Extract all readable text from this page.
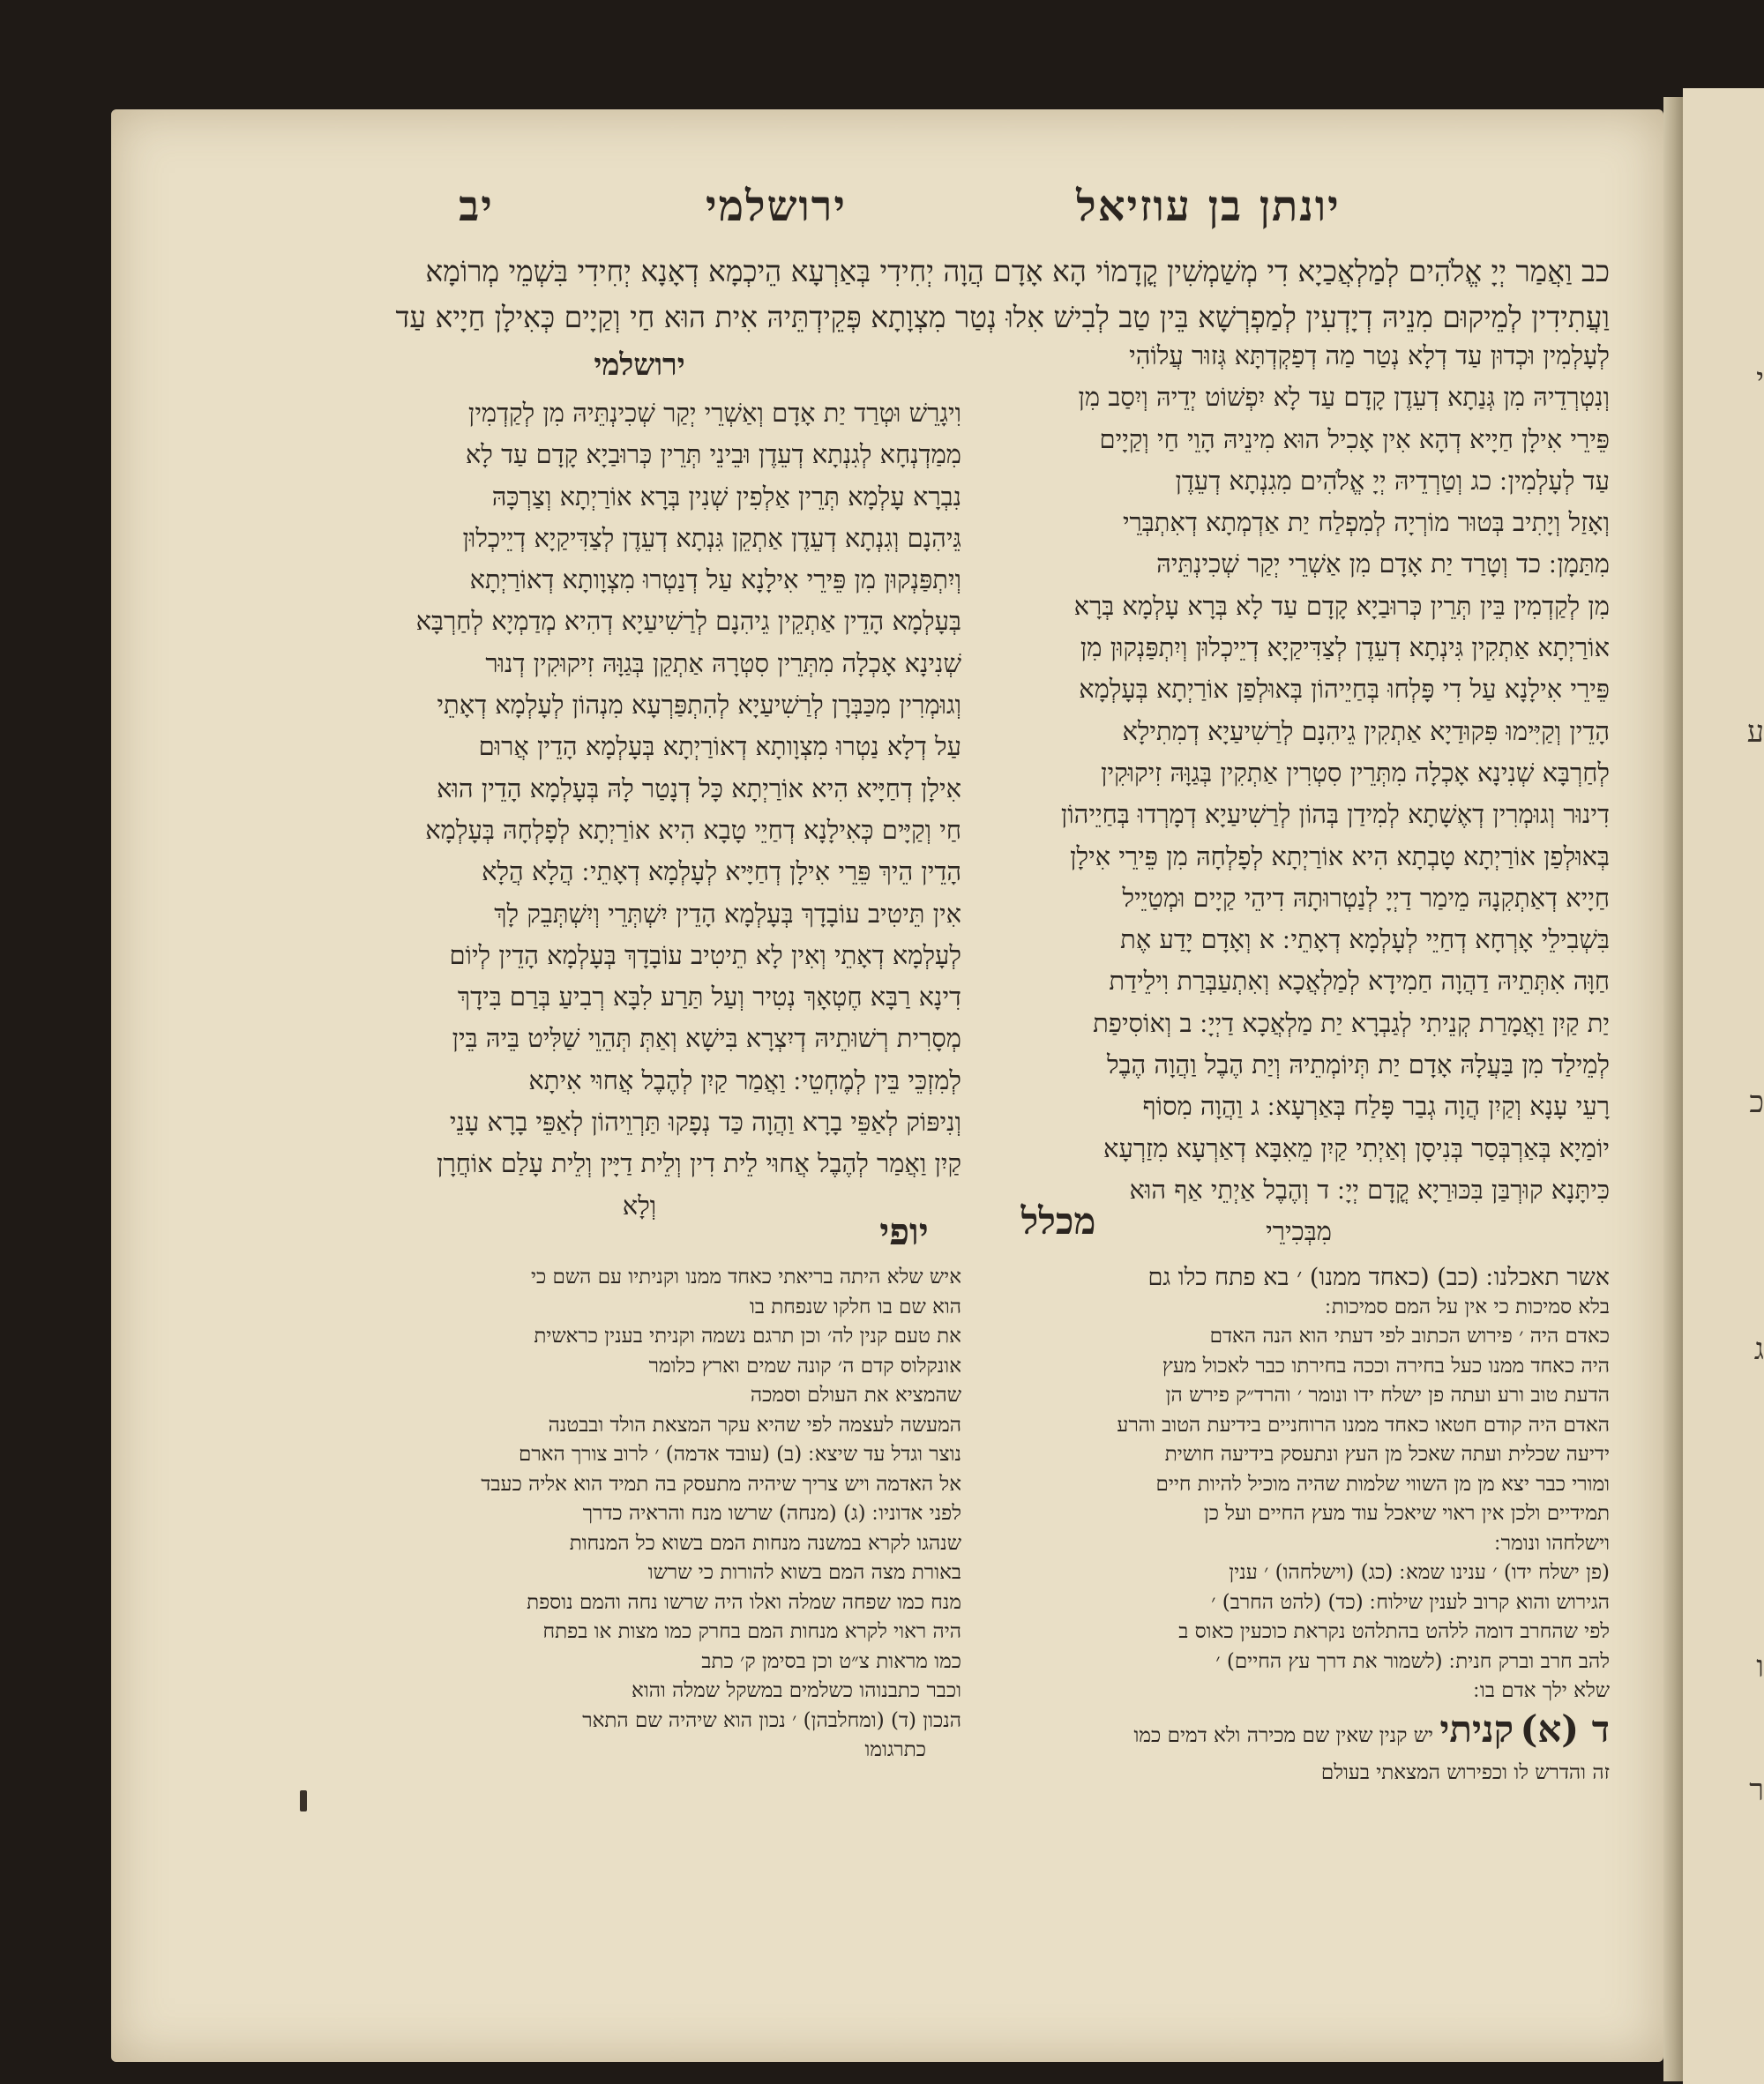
י
ע
כ
ג
ו
ר
יונתן בן עוזיאל
ירושלמי
יב
כב וַאֲמַר יְיָ אֱלֹהִים לְמַלְאֲכַיָא דִי מְשַׁמְשִׁין קֳדָמוֹי הָא אָדָם הֲוָה יְחִידִי בְּאַרְעָא הֵיכְמָא דְאָנָא יְחִידִי בִּשְׁמֵי מְרוֹמָא
וַעֲתִידִין לְמֵיקוּם מִנֵיהּ דְיָדְעִין לְמַפְרְשָׁא בֵּין טַב לְבִישׁ אִלוּ נְטַר מִצְוָתָא פְּקֵידְתֵּיהּ אִית הוּא חַי וְקַיָים כְּאִילָן חַיָיא עַד
לְעָלְמִין וּכְדוּן עַד דְלָא נְטַר מַה דְפַקְדְתָּא גְּזוּר עֲלוֹהִי
וְנִטְרְדֵיהּ מִן גְּנַתָא דְעֵדֶן קָדָם עַד לָא יִפְשׁוֹט יְדֵיהּ וְיִסַב מִן
פֵּירֵי אִילָן חַיָיא דְהָא אִין אָכִיל הוּא מִינֵיהּ הָוֵי חַי וְקַיָים
עַד לְעָלְמִין ׃ כג וְטַרְדֵיהּ יְיָ אֱלֹהִים מִגִנְתָא דְעֵדֶן
וְאָזַל וְיָתִיב בְּטוּר מוֹרְיָה לְמִפְלַח יַת אַדְמְתָא דְאִתְבְּרֵי
מִתַּמָן ׃ כד וְטָרַד יַת אָדָם מִן אַשְׁרֵי יְקַר שְׁכִינְתֵּיהּ
מִן לְקַדְמִין בֵּין תְּרֵין כְּרוּבַיָא קָדָם עַד לָא בְּרָא עָלְמָא בְּרָא
אוֹרַיְתָא אַתְקִין גִּינְתָא דְעֵדֶן לְצַדִּיקַיָא דְיֵיכְלוּן וְיִתְפַּנְקוּן מִן
פֵּירֵי אִילָנָא עַל דִי פָּלְחוּ בְּחַיֵיהוֹן בְּאוּלְפַן אוֹרַיְתָא בְּעָלְמָא
הָדֵין וְקַיִּימוּ פִּקוּדַיָא אַתְקִין גֵיהִנָם לְרַשִׁיעַיָא דְמִתִילָא
לְחַרְבָּא שְׁנִינָא אָכְלָה מִתְּרֵין סִטְרִין אַתְקִין בְּגַוָּהּ זִיקוּקִין
דִינוּר וְגוּמְרִין דְאֶשָׁתָא לְמִידַן בְּהוֹן לְרַשִׁיעַיָא דְמָרְדוּ בְּחַיֵיהוֹן
בְּאוּלְפַן אוֹרַיְתָא טָבְתָא הִיא אוֹרַיְתָא לְפָלְחָהּ מִן פֵּירֵי אִילָן
חַיָיא דְאַתְקִנָהּ מֵימַר דַיְיָ לְנַטְרוּתָהּ דִיהֵי קַיָים וּמְטַיֵיל
בִּשְׁבִילֵי אָרְחָא דְחַיֵי לְעָלְמָא דְאָתֵי ׃ א וְאָדָם יָדַע אֶת
חַוָּה אִתְּתֵיהּ דַהֲוָה חַמִידָא לְמַלְאֲכָא וְאִתְעַבְּרַת וִילֵידַת
יַת קַיִן וַאֲמָרַת קְנֵיתִי לְגַבְרָא יַת מַלְאֲכָא דַיְיָ ׃ ב וְאוֹסִיפַת
לְמֵילַד מִן בַּעֲלָהּ אָדָם יַת תְּיוֹמְתֵיהּ וְיַת הֶבֶל וַהֲוָה הֶבֶל
רָעֵי עָנָא וְקַיִן הֲוָה גְבַר פָּלַח בְּאַרְעָא ׃ ג וַהֲוָה מִסוֹף
יוֹמַיָא בְּאַרְבְּסַר בְּנִיסָן וְאַיְתִי קַיִן מֵאִבָּא דְאַרְעָא מִזַרְעָא
כִּיתָּנָא קוּרְבַּן בִּכּוּרַיָא קֳדָם יְיָ ׃ ד וְהֶבֶל אַיְתֵי אַף הוּא
מִבְּכִירֵי
ירושלמי
וִיגָרֵשׁ וּטְרַד יַת אָדָם וְאַשְׁרֵי יְקַר שְׁכִינְתֵּיהּ מִן לְקַדְמִין
מִמַדְנְחָא לְגִנְתָא דְעֵדֶן וּבֵינֵי תְּרֵין כְּרוּבַיָא קָדָם עַד לָא
נִבְרָא עָלְמָא תְּרֵין אַלְפִין שְׁנִין בְּרָא אוֹרַיְתָא וְצַרְכָּהּ
גֵּיהִנָם וְגִנְתָא דְעֵדֶן אַתְקֵן גִּנְתָא דְעֵדֶן לְצַדִּיקַיָא דְיֵיכְלוּן
וְיִתְפַּנְקוּן מִן פֵּירֵי אִילָנָא עַל דְנַטְרוּ מִצְוָותָא דְאוֹרַיְתָא
בְּעָלְמָא הָדֵין אַתְקֵין גֵיהִנָם לְרַשִׁיעַיָא דְהִיא מְדַמְיָא לְחַרְבָּא
שְׁנִינָא אָכְלָה מִתְּרֵין סִטְרָהּ אַתְקֵן בְּגַוָּהּ זִיקוּקִין דְנוּר
וְגוּמְרִין מִכַּבְּרָן לְרַשִׁיעַיָא לְהִתְפַּרְעָא מִנְהוֹן לְעָלְמָא דְאָתֵי
עַל דְלָא נַטְרוּ מִצְוָותָא דְאוֹרַיְתָא בְּעָלְמָא הָדֵין אֲרוּם
אִילָן דְחַיָּיא הִיא אוֹרַיְתָא כָּל דְנָטַר לָהּ בְּעָלְמָא הָדֵין הוּא
חַי וְקַיָּים כְּאִילָנָא דְחַיֵי טָבָא הִיא אוֹרַיְתָא לְפָלְחָהּ בְּעָלְמָא
הָדֵין הֵיךְ פֵּרֵי אִילָן דְחַיָּיא לְעָלְמָא דְאָתֵי ׃ הֲלָא הֲלָא
אִין תֵּיטִיב עוֹבָדָךְ בְּעָלְמָא הָדֵין יִשְׁתְּרֵי וְיִשְׁתְּבֵק לָךְ
לְעָלְמָא דְאָתֵי וְאִין לָא תֵיטִיב עוֹבָדָךְ בְּעָלְמָא הָדֵין לְיוֹם
דִינָא רַבָּא חֶטְאָךְ נְטִיר וְעַל תַּרַע לִבָּא רְבִיעַ בְּרַם בִּידָךְ
מְסָרִית רְשׁוּתֵיהּ דְיִצְרָא בִּישָׁא וְאַתְּ תְּהֵוֵי שַׁלִּיט בֵּיהּ בֵּין
לְמִזְכֵּי בֵּין לְמֶחְטֵי ׃ וַאֲמַר קַיִן לְהֶבֶל אֲחוּי אִיתָא
וְנִיפּוֹק לְאַפֵּי בָרָא וַהֲוָה כַּד נְפָקוּ תַּרְוֵיהוֹן לְאַפֵּי בָרָא עָנֵי
קַיִן וַאֲמַר לְהֶבֶל אֲחוּי לֵית דִין וְלֵית דַיָּין וְלֵית עָלַם אוֹחֲרָן
וְלָא	מכלל
יופי
אשר תאכלנו ׃ (כב) (כאחד ממנו) ׳ בא פתח כלו גם
בלא סמיכות כי אין על המם סמיכות ׃
כאדם היה ׳ פירוש הכתוב לפי דעתי הוא הנה האדם
היה כאחד ממנו כעל בחירה וככה בחירתו כבר לאכול מעץ
הדעת טוב ורע ועתה פן ישלח ידו ונומר ׳ והרד״ק פירש הן
האדם היה קודם חטאו כאחד ממנו הרוחניים בידיעת הטוב והרע
ידיעה שכלית ועתה שאכל מן העץ ונתעסק בידיעה חושית
ומורי כבר יצא מן מן השווי שלמות שהיה מוכיל להיות חיים
תמידיים ולכן אין ראוי שיאכל עוד מעץ החיים ועל כן
וישלחהו ונומר ׃
(פן ישלח ידו) ׳ ענינו שמא ׃ (כג) (וישלחהו) ׳ ענין
הגירוש והוא קרוב לענין שילוח ׃ (כד) (להט החרב) ׳
לפי שהחרב דומה ללהט בהתלהט נקראת כוכעין כאוס ב
להב חרב וברק חנית ׃ (לשמור את דרך עץ החיים) ׳
שלא ילך אדם בו ׃
ד (א) קניתי יש קנין שאין שם מכירה ולא דמים כמו
זה והדרש לו וכפירוש המצאתי בעולם
איש שלא היתה בריאתי כאחד ממנו וקניתיו עם השם כי
הוא שם בו חלקו שנפחת בו
את טעם קנין לה׳ וכן תרגם נשמה וקניתי בענין כראשית
אונקלוס קדם ה׳ קונה שמים וארץ כלומר
שהמציא את העולם וסמכה
המעשה לעצמה לפי שהיא עקר המצאת הולד ובבטנה
נוצר וגדל עד שיצא ׃ (ב) (עובד אדמה) ׳ לרוב צורך הארם
אל האדמה ויש צריך שיהיה מתעסק בה תמיד הוא אליה כעבד
לפני אדוניו ׃ (ג) (מנחה) שרשו מנח והראיה כדרך
שנהגו לקרא במשנה מנחות המם בשוא כל המנחות
באורת מצה המם בשוא להורות כי שרשו
מנח כמו שפחה שמלה ואלו היה שרשו נחה והמם נוספת
היה ראוי לקרא מנחות המם בחרק כמו מצות או בפתח
כמו מראות צ״ט וכן בסימן ק׳ כתב
וכבר כתבנוהו כשלמים במשקל שמלה והוא
הנכון (ד) (ומחלבהן) ׳ נכון הוא שיהיה שם התאר
כתרגומו
